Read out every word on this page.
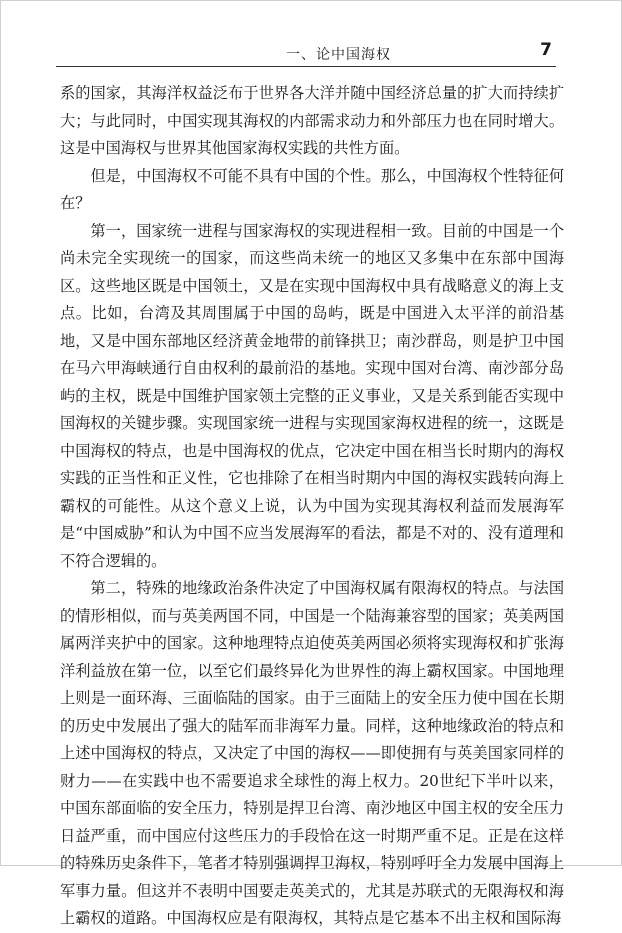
一、论中国海权	7

系的国家，其海洋权益泛布于世界各大洋并随中国经济总量的扩大而持续扩大；与此同时，中国实现其海权的内部需求动力和外部压力也在同时增大。这是中国海权与世界其他国家海权实践的共性方面。

但是，中国海权不可能不具有中国的个性。那么，中国海权个性特征何在？

第一，国家统一进程与国家海权的实现进程相一致。目前的中国是一个尚未完全实现统一的国家，而这些尚未统一的地区又多集中在东部中国海区。这些地区既是中国领土，又是在实现中国海权中具有战略意义的海上支点。比如，台湾及其周围属于中国的岛屿，既是中国进入太平洋的前沿基地，又是中国东部地区经济黄金地带的前锋拱卫；南沙群岛，则是护卫中国在马六甲海峡通行自由权利的最前沿的基地。实现中国对台湾、南沙部分岛屿的主权，既是中国维护国家领土完整的正义事业，又是关系到能否实现中国海权的关键步骤。实现国家统一进程与实现国家海权进程的统一，这既是中国海权的特点，也是中国海权的优点，它决定中国在相当长时期内的海权实践的正当性和正义性，它也排除了在相当时期内中国的海权实践转向海上霸权的可能性。从这个意义上说，认为中国为实现其海权利益而发展海军是“中国威胁”和认为中国不应当发展海军的看法，都是不对的、没有道理和不符合逻辑的。

第二，特殊的地缘政治条件决定了中国海权属有限海权的特点。与法国的情形相似，而与英美两国不同，中国是一个陆海兼容型的国家；英美两国属两洋夹护中的国家。这种地理特点迫使英美两国必须将实现海权和扩张海洋利益放在第一位，以至它们最终异化为世界性的海上霸权国家。中国地理上则是一面环海、三面临陆的国家。由于三面陆上的安全压力使中国在长期的历史中发展出了强大的陆军而非海军力量。同样，这种地缘政治的特点和上述中国海权的特点，又决定了中国的海权——即使拥有与英美国家同样的财力——在实践中也不需要追求全球性的海上权力。20世纪下半叶以来，中国东部面临的安全压力，特别是捍卫台湾、南沙地区中国主权的安全压力日益严重，而中国应付这些压力的手段恰在这一时期严重不足。正是在这样的特殊历史条件下，笔者才特别强调捍卫海权，特别呼吁全力发展中国海上军事力量。但这并不表明中国要走英美式的，尤其是苏联式的无限海权和海上霸权的道路。中国海权应是有限海权，其特点是它基本不出主权和国际海
